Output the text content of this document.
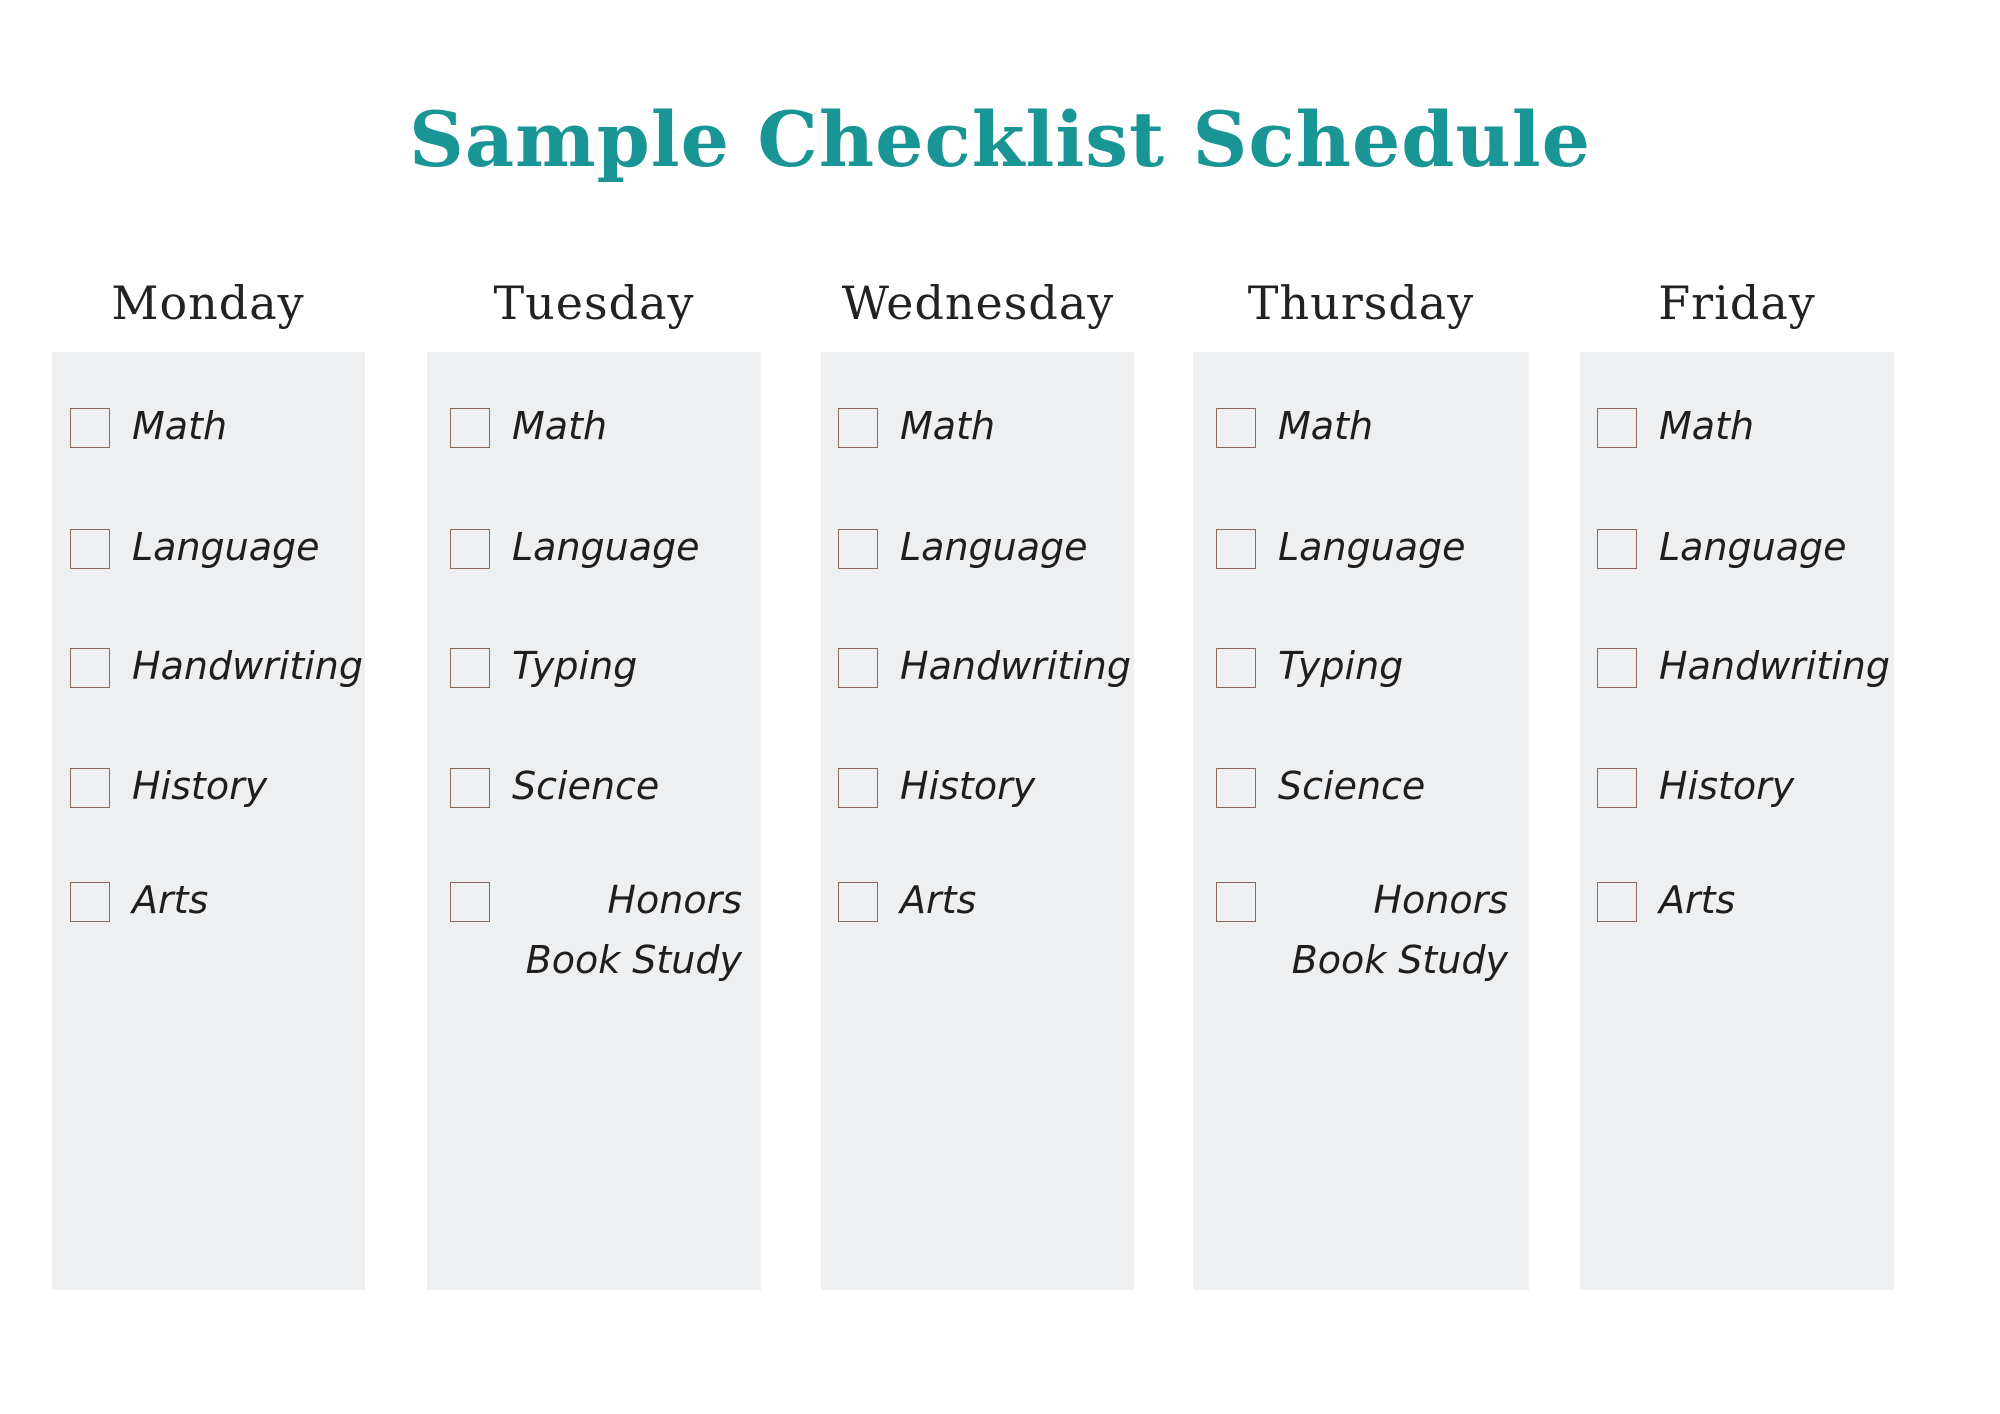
Sample Checklist Schedule
Monday
Math
Language
Handwriting
History
Arts
Tuesday
Math
Language
Typing
Science
Honors Book Study
Wednesday
Math
Language
Handwriting
History
Arts
Thursday
Math
Language
Typing
Science
Honors Book Study
Friday
Math
Language
Handwriting
History
Arts
